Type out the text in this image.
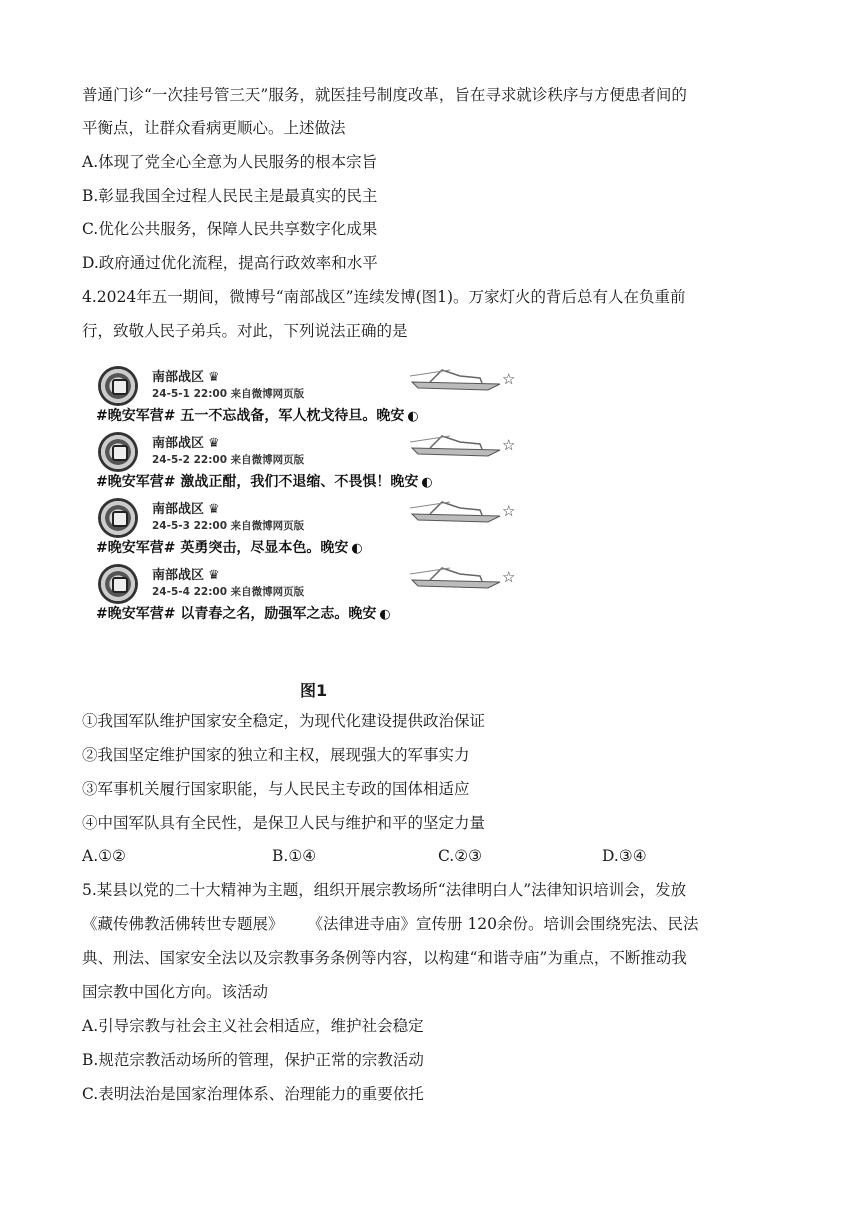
普通门诊“一次挂号管三天”服务，就医挂号制度改革，旨在寻求就诊秩序与方便患者间的
平衡点，让群众看病更顺心。上述做法
A.体现了党全心全意为人民服务的根本宗旨
B.彰显我国全过程人民民主是最真实的民主
C.优化公共服务，保障人民共享数字化成果
D.政府通过优化流程，提高行政效率和水平
4.2024年五一期间，微博号“南部战区”连续发博(图1)。万家灯火的背后总有人在负重前
行，致敬人民子弟兵。对此，下列说法正确的是
南部战区 ♛
24-5-1 22:00 来自微博网页版
☆
#晚安军营# 五一不忘战备，军人枕戈待旦。晚安 ◐
南部战区 ♛
24-5-2 22:00 来自微博网页版
☆
#晚安军营# 激战正酣，我们不退缩、不畏惧！晚安 ◐
南部战区 ♛
24-5-3 22:00 来自微博网页版
☆
#晚安军营# 英勇突击，尽显本色。晚安 ◐
南部战区 ♛
24-5-4 22:00 来自微博网页版
☆
#晚安军营# 以青春之名，励强军之志。晚安 ◐
图1
①我国军队维护国家安全稳定，为现代化建设提供政治保证
②我国坚定维护国家的独立和主权，展现强大的军事实力
③军事机关履行国家职能，与人民民主专政的国体相适应
④中国军队具有全民性，是保卫人民与维护和平的坚定力量
A.①②	B.①④	C.②③	D.③④
5.某县以党的二十大精神为主题，组织开展宗教场所“法律明白人”法律知识培训会，发放
《藏传佛教活佛转世专题展》 《法律进寺庙》宣传册 120余份。培训会围绕宪法、民法
典、刑法、国家安全法以及宗教事务条例等内容，以构建“和谐寺庙”为重点，不断推动我
国宗教中国化方向。该活动
A.引导宗教与社会主义社会相适应，维护社会稳定
B.规范宗教活动场所的管理，保护正常的宗教活动
C.表明法治是国家治理体系、治理能力的重要依托
